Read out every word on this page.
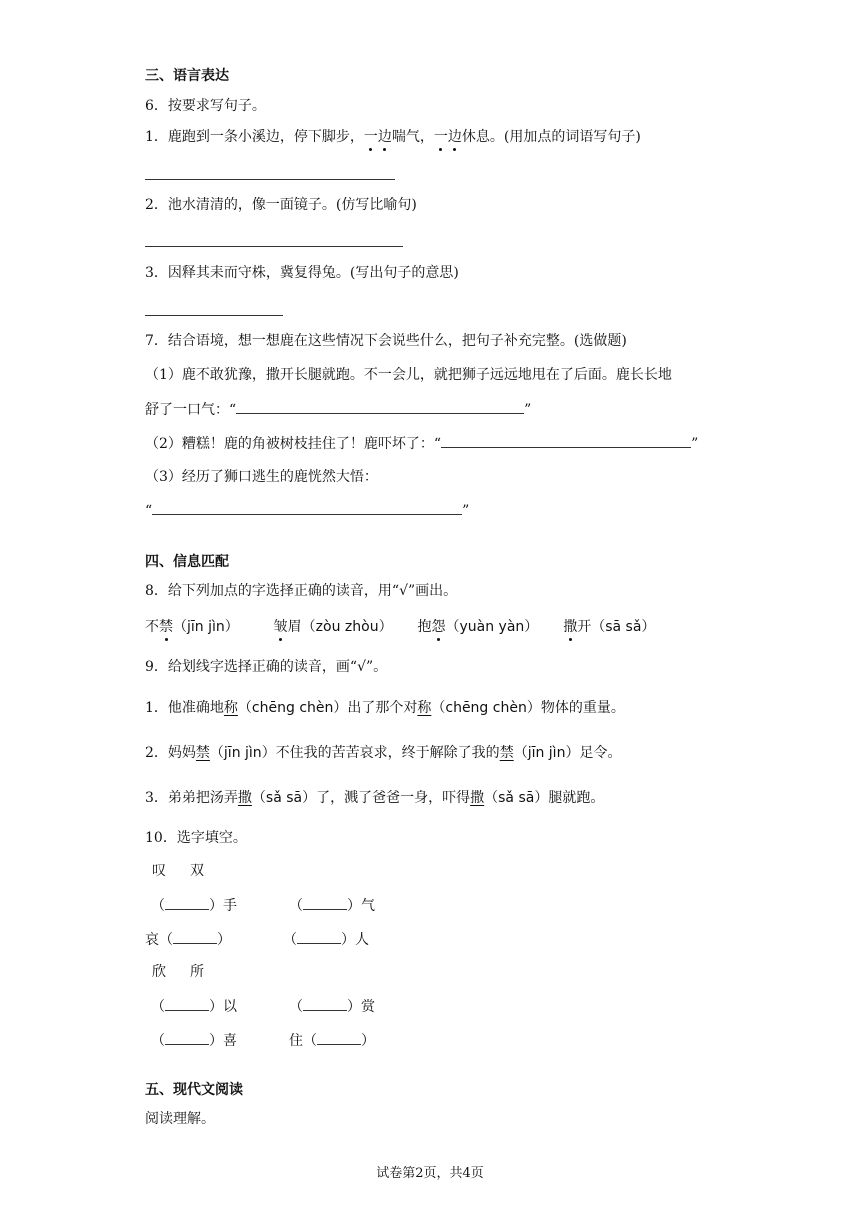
三、语言表达
6．按要求写句子。
1．鹿跑到一条小溪边，停下脚步，一边喘气，一边休息。(用加点的词语写句子)
2．池水清清的，像一面镜子。(仿写比喻句)
3．因释其耒而守株，冀复得兔。(写出句子的意思)
7．结合语境，想一想鹿在这些情况下会说些什么，把句子补充完整。(选做题)
（1）鹿不敢犹豫，撒开长腿就跑。不一会儿，就把狮子远远地甩在了后面。鹿长长地
舒了一口气：“	”
（2）糟糕！鹿的角被树枝挂住了！鹿吓坏了：“	”
（3）经历了狮口逃生的鹿恍然大悟：
“	”
四、信息匹配
8．给下列加点的字选择正确的读音，用“√”画出。
不禁（jīn jìn） 皱眉（zòu zhòu） 抱怨（yuàn yàn） 撒开（sā sǎ）
9．给划线字选择正确的读音，画“√”。
1．他准确地称（chēng chèn）出了那个对称（chēng chèn）物体的重量。
2．妈妈禁（jīn jìn）不住我的苦苦哀求，终于解除了我的禁（jīn jìn）足令。
3．弟弟把汤弄撒（sǎ sā）了，溅了爸爸一身，吓得撒（sǎ sā）腿就跑。
10．选字填空。
叹 双
（	）手	（	）气
哀（	）	（	）人
欣 所
（	）以	（	）赏
（	）喜	住（	）
五、现代文阅读
阅读理解。
试卷第2页，共4页
